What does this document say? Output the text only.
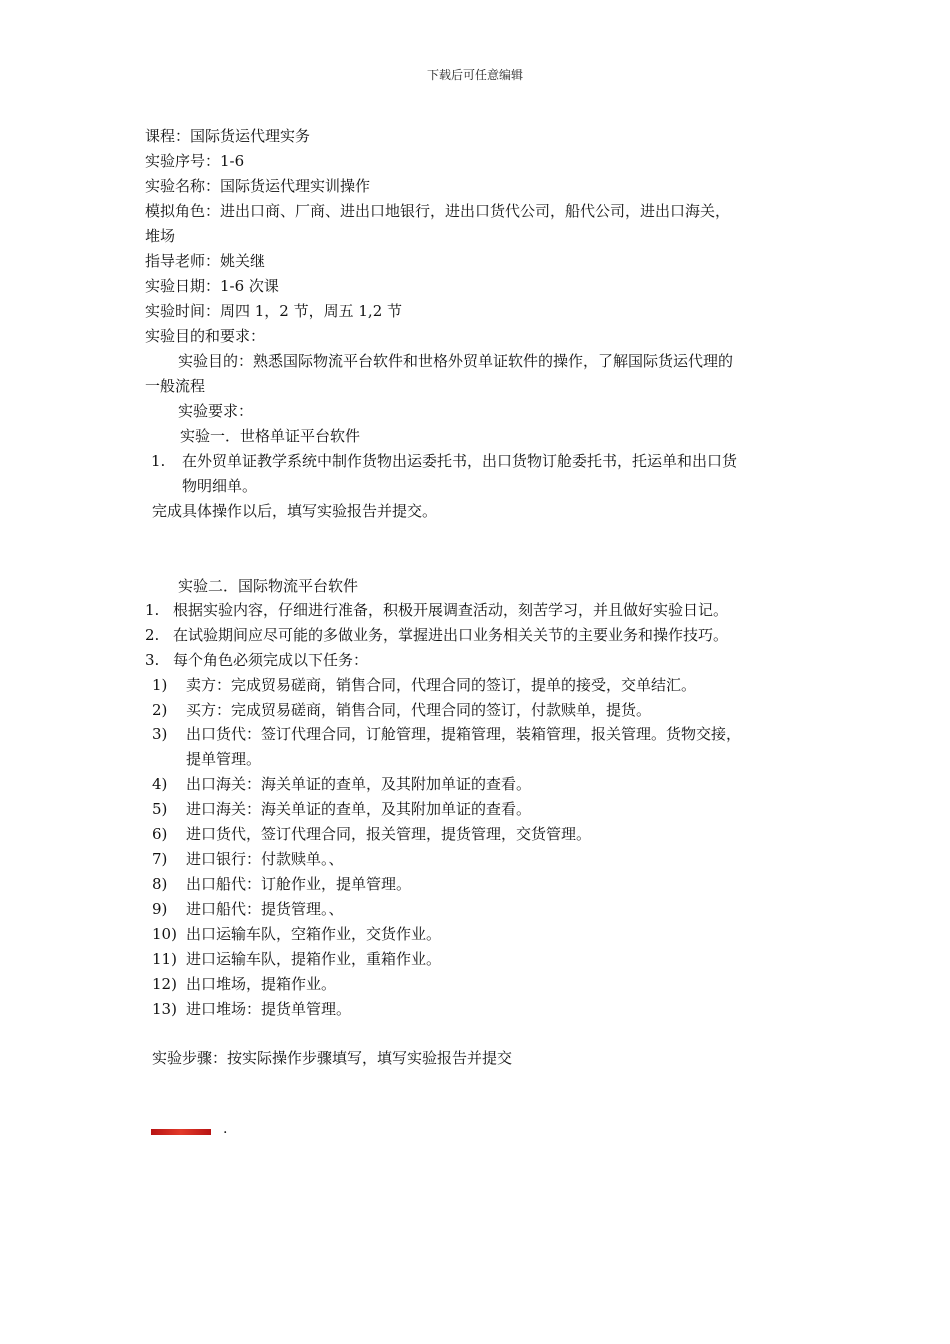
下载后可任意编辑
课程：国际货运代理实务
实验序号：1-6
实验名称：国际货运代理实训操作
模拟角色：进出口商、厂商、进出口地银行，进出口货代公司，船代公司，进出口海关，
堆场
指导老师：姚关继
实验日期：1-6 次课
实验时间：周四 1，2 节，周五 1,2 节
实验目的和要求：
实验目的：熟悉国际物流平台软件和世格外贸单证软件的操作，了解国际货运代理的
一般流程
实验要求：
实验一．世格单证平台软件
1. 在外贸单证教学系统中制作货物出运委托书，出口货物订舱委托书，托运单和出口货
物明细单。
完成具体操作以后，填写实验报告并提交。
实验二．国际物流平台软件
1. 根据实验内容，仔细进行准备，积极开展调查活动，刻苦学习，并且做好实验日记。
2. 在试验期间应尽可能的多做业务，掌握进出口业务相关关节的主要业务和操作技巧。
3. 每个角色必须完成以下任务：
1) 卖方：完成贸易磋商，销售合同，代理合同的签订，提单的接受，交单结汇。
2) 买方：完成贸易磋商，销售合同，代理合同的签订，付款赎单，提货。
3) 出口货代：签订代理合同，订舱管理，提箱管理，装箱管理，报关管理。货物交接，
提单管理。
4) 出口海关：海关单证的查单，及其附加单证的查看。
5) 进口海关：海关单证的查单，及其附加单证的查看。
6) 进口货代，签订代理合同，报关管理，提货管理，交货管理。
7) 进口银行：付款赎单。、
8) 出口船代：订舱作业，提单管理。
9) 进口船代：提货管理。、
10) 出口运输车队，空箱作业，交货作业。
11) 进口运输车队，提箱作业，重箱作业。
12) 出口堆场，提箱作业。
13) 进口堆场：提货单管理。
实验步骤：按实际操作步骤填写，填写实验报告并提交
.
